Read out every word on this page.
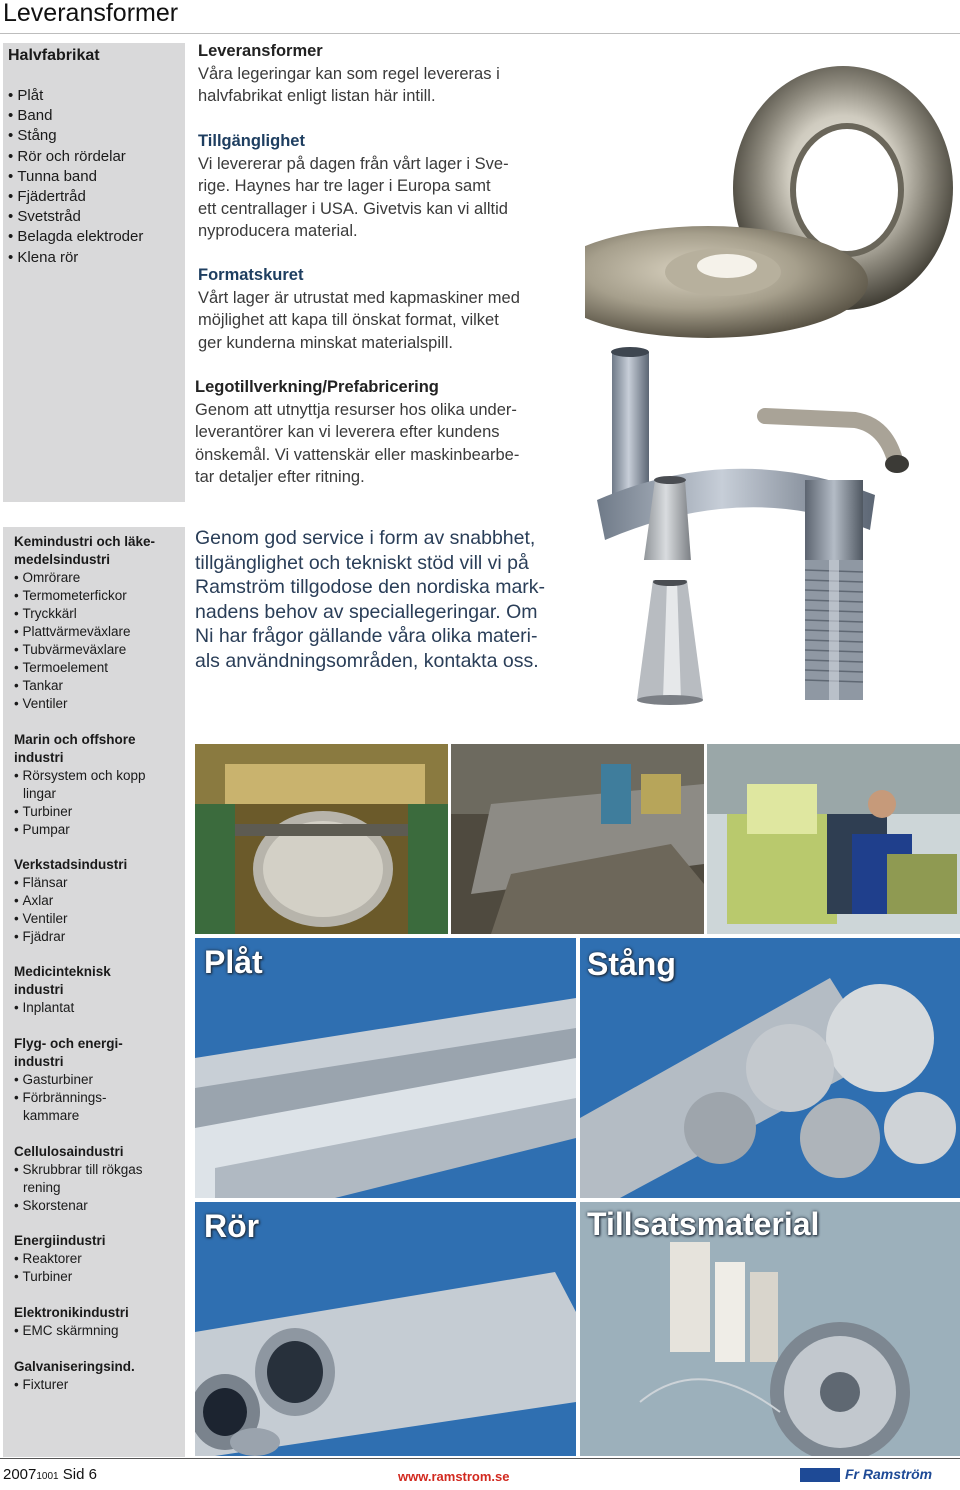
Leveransformer
Halvfabrikat
• Plåt
• Band
• Stång
• Rör och rördelar
• Tunna band
• Fjädertråd
• Svetstråd
• Belagda elektroder
• Klena rör
Leveransformer
Våra legeringar kan som regel levereras i
halvfabrikat enligt listan här intill.
Tillgänglighet
Vi levererar på dagen från vårt lager i Sve-
rige. Haynes har tre lager i Europa samt
ett centrallager i USA. Givetvis kan vi alltid
nyproducera material.
Formatskuret
Vårt lager är utrustat med kapmaskiner med
möjlighet att kapa till önskat format, vilket
ger kunderna minskat materialspill.
Legotillverkning/Prefabricering
Genom att utnyttja resurser hos olika under-
leverantörer kan vi leverera efter kundens
önskemål. Vi vattenskär eller maskinbearbe-
tar detaljer efter ritning.
Genom god service i form av snabbhet,
tillgänglighet och tekniskt stöd vill vi på
Ramström tillgodose den nordiska mark-
nadens behov av speciallegeringar. Om
Ni har frågor gällande våra olika materi-
als användningsområden, kontakta oss.
Kemindustri och läke-
medelsindustri
• Omrörare
• Termometerfickor
• Tryckkärl
• Plattvärmeväxlare
• Tubvärmeväxlare
• Termoelement
• Tankar
• Ventiler
Marin och offshore
industri
• Rörsystem och kopp
lingar
• Turbiner
• Pumpar
Verkstadsindustri
• Flänsar
• Axlar
• Ventiler
• Fjädrar
Medicinteknisk
industri
• Inplantat
Flyg- och energi-
industri
• Gasturbiner
• Förbrännings-
kammare
Cellulosaindustri
• Skrubbrar till rökgas
rening
• Skorstenar
Energiindustri
• Reaktorer
• Turbiner
Elektronikindustri
• EMC skärmning
Galvaniseringsind.
• Fixturer
Plåt	Stång
Rör	Tillsatsmaterial
20071001 Sid 6	www.ramstrom.se	Fr Ramström
